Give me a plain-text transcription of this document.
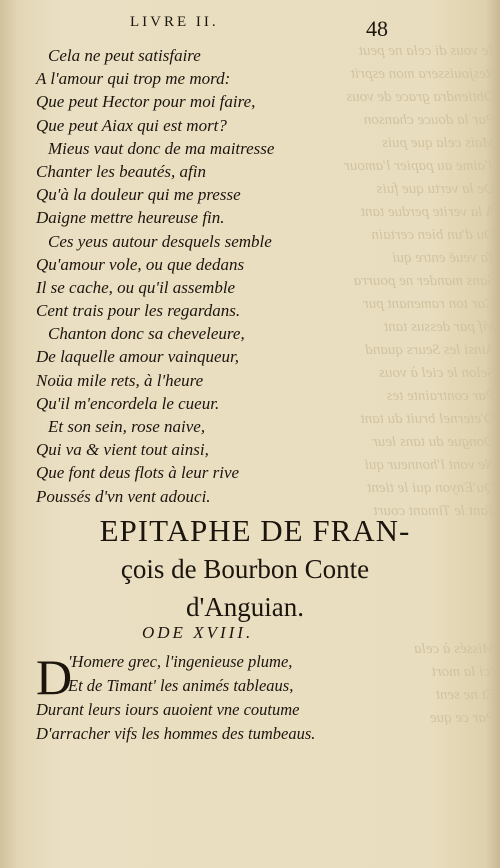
Je vous di cela ne peut
Resjouissera mon esprit
Obtiendra grace de vous
Par la douce chanson
Mais cela que puis
J'aime au papier l'amour
De la vertu que fuis
A la verite perdue tant
Ou d'un bien certain
Ta veuë entre qui
Sans mander ne pourra
Car ton ramenant pur
Vif par dessus tant
Ainsi les Seurs quand
Selon le ciel à vous
Par contrainte tes
D'eternel bruit du tant
Dongue du tans leur
Ne vont l'honneur qui
Qu'Enyon qui le tient
Tant le Timant court
Missés à cela
Ici la mort
Et ne sent
Par ce que
LIVRE II.	48
Cela ne peut satisfaire
A l'amour qui trop me mord:
Que peut Hector pour moi faire,
Que peut Aiax qui est mort?
Mieus vaut donc de ma maitresse
Chanter les beautés, afin
Qu'à la douleur qui me presse
Daigne mettre heureuse fin.
Ces yeus autour desquels semble
Qu'amour vole, ou que dedans
Il se cache, ou qu'il assemble
Cent trais pour les regardans.
Chanton donc sa cheveleure,
De laquelle amour vainqueur,
Noüa mile rets, à l'heure
Qu'il m'encordela le cueur.
Et son sein, rose naive,
Qui va & vient tout ainsi,
Que font deus flots à leur rive
Poussés d'vn vent adouci.
EPITAPHE DE FRAN-
çois de Bourbon Conte
d'Anguian.
ODE XVIII.
D
'Homere grec, l'ingenieuse plume,
Et de Timant' les animés tableaus,
Durant leurs iours auoient vne coutume
D'arracher vifs les hommes des tumbeaus.
